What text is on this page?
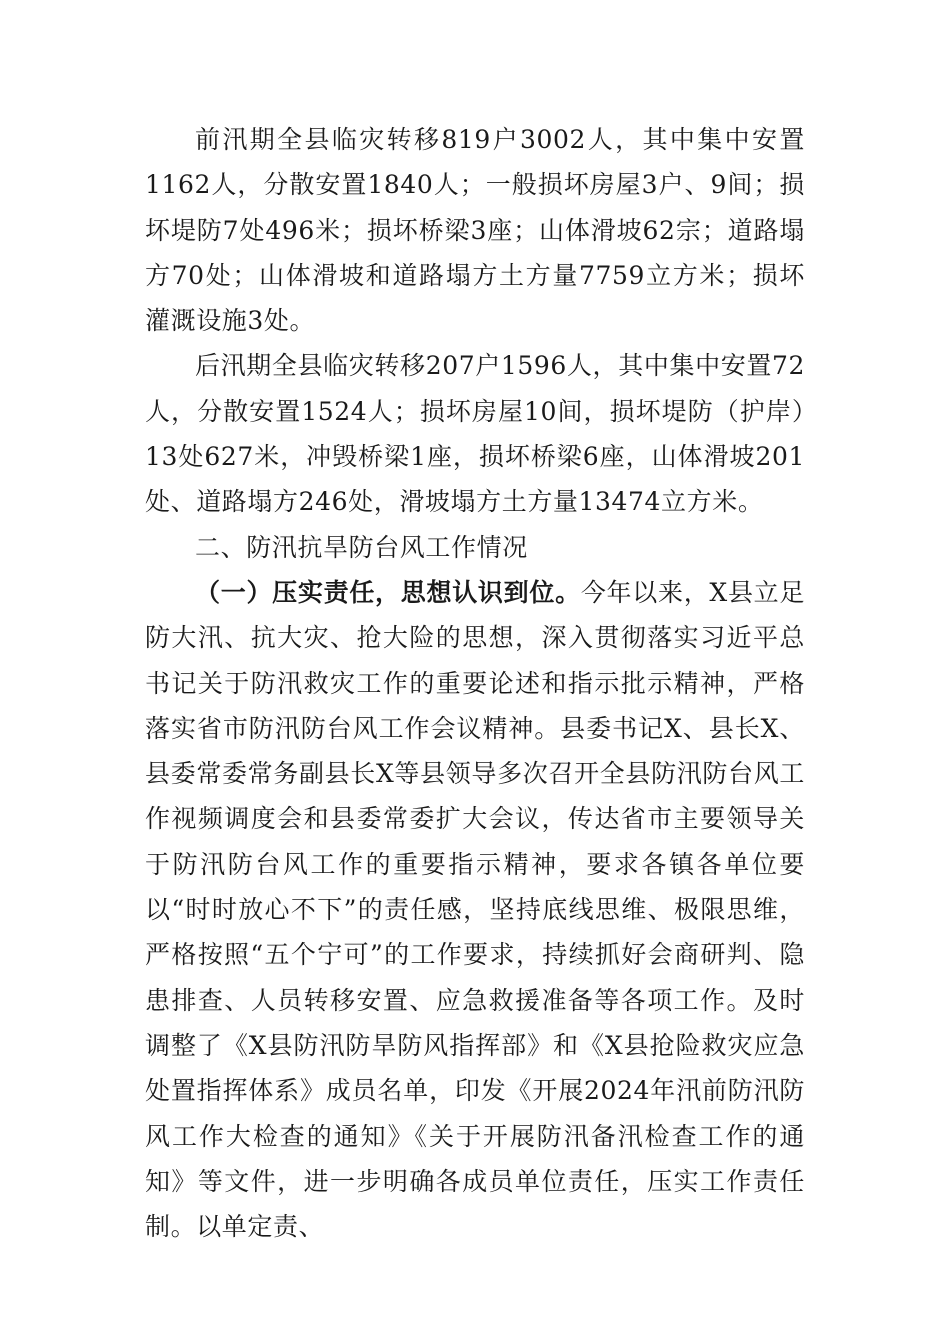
前汛期全县临灾转移819户3002人，其中集中安置1162人，分散安置1840人；一般损坏房屋3户、9间；损坏堤防7处496米；损坏桥梁3座；山体滑坡62宗；道路塌方70处；山体滑坡和道路塌方土方量7759立方米；损坏灌溉设施3处。

后汛期全县临灾转移207户1596人，其中集中安置72人，分散安置1524人；损坏房屋10间，损坏堤防（护岸）13处627米，冲毁桥梁1座，损坏桥梁6座，山体滑坡201处、道路塌方246处，滑坡塌方土方量13474立方米。

二、防汛抗旱防台风工作情况

（一）压实责任，思想认识到位。今年以来，X县立足防大汛、抗大灾、抢大险的思想，深入贯彻落实习近平总书记关于防汛救灾工作的重要论述和指示批示精神，严格落实省市防汛防台风工作会议精神。县委书记X、县长X、县委常委常务副县长X等县领导多次召开全县防汛防台风工作视频调度会和县委常委扩大会议，传达省市主要领导关于防汛防台风工作的重要指示精神，要求各镇各单位要以“时时放心不下”的责任感，坚持底线思维、极限思维，严格按照“五个宁可”的工作要求，持续抓好会商研判、隐患排查、人员转移安置、应急救援准备等各项工作。及时调整了《X县防汛防旱防风指挥部》和《X县抢险救灾应急处置指挥体系》成员名单，印发《开展2024年汛前防汛防风工作大检查的通知》《关于开展防汛备汛检查工作的通知》等文件，进一步明确各成员单位责任，压实工作责任制。以单定责、
